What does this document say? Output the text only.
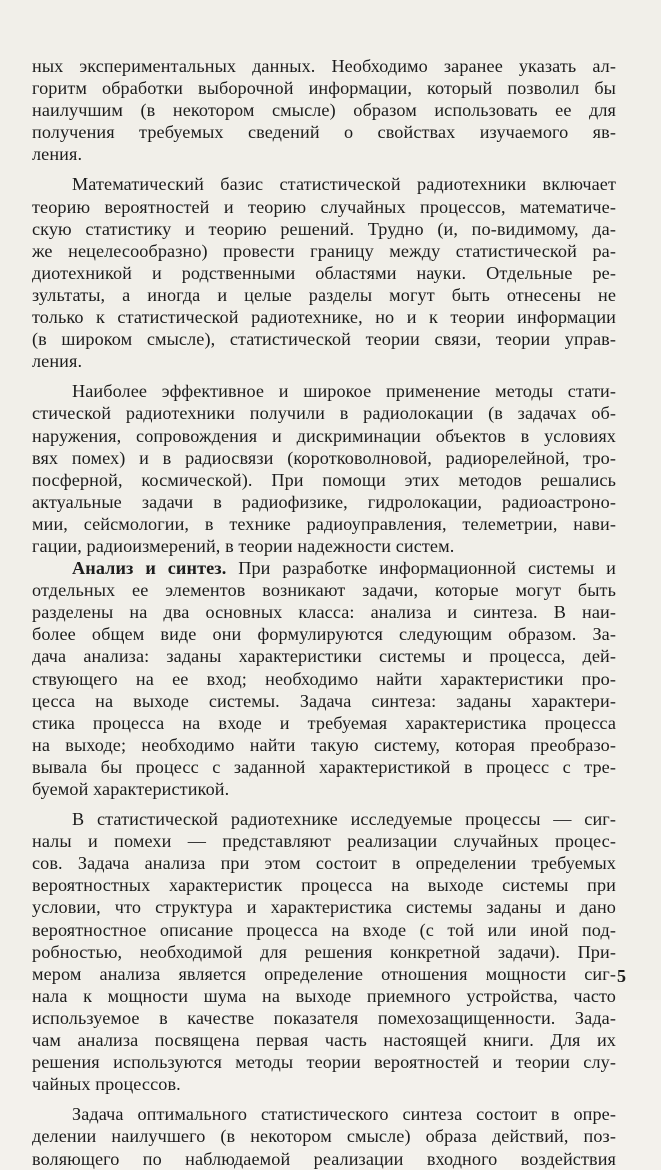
ных экспериментальных данных. Необходимо заранее указать ал-
горитм обработки выборочной информации, который позволил бы
наилучшим (в некотором смысле) образом использовать ее для
получения требуемых сведений о свойствах изучаемого яв-
ления.
Математический базис статистической радиотехники включает
теорию вероятностей и теорию случайных процессов, математиче-
скую статистику и теорию решений. Трудно (и, по-видимому, да-
же нецелесообразно) провести границу между статистической ра-
диотехникой и родственными областями науки. Отдельные ре-
зультаты, а иногда и целые разделы могут быть отнесены не
только к статистической радиотехнике, но и к теории информации
(в широком смысле), статистической теории связи, теории управ-
ления.
Наиболее эффективное и широкое применение методы стати-
стической радиотехники получили в радиолокации (в задачах об-
наружения, сопровождения и дискриминации объектов в условиях
вях помех) и в радиосвязи (коротковолновой, радиорелейной, тро-
посферной, космической). При помощи этих методов решались
актуальные задачи в радиофизике, гидролокации, радиоастроно-
мии, сейсмологии, в технике радиоуправления, телеметрии, нави-
гации, радиоизмерений, в теории надежности систем.
Анализ и синтез. При разработке информационной системы и
отдельных ее элементов возникают задачи, которые могут быть
разделены на два основных класса: анализа и синтеза. В наи-
более общем виде они формулируются следующим образом. За-
дача анализа: заданы характеристики системы и процесса, дей-
ствующего на ее вход; необходимо найти характеристики про-
цесса на выходе системы. Задача синтеза: заданы характери-
стика процесса на входе и требуемая характеристика процесса
на выходе; необходимо найти такую систему, которая преобразо-
вывала бы процесс с заданной характеристикой в процесс с тре-
буемой характеристикой.
В статистической радиотехнике исследуемые процессы — сиг-
налы и помехи — представляют реализации случайных процес-
сов. Задача анализа при этом состоит в определении требуемых
вероятностных характеристик процесса на выходе системы при
условии, что структура и характеристика системы заданы и дано
вероятностное описание процесса на входе (с той или иной под-
робностью, необходимой для решения конкретной задачи). При-
мером анализа является определение отношения мощности сиг-
нала к мощности шума на выходе приемного устройства, часто
используемое в качестве показателя помехозащищенности. Зада-
чам анализа посвящена первая часть настоящей книги. Для их
решения используются методы теории вероятностей и теории слу-
чайных процессов.
Задача оптимального статистического синтеза состоит в опре-
делении наилучшего (в некотором смысле) образа действий, поз-
воляющего по наблюдаемой реализации входного воздействия
5
